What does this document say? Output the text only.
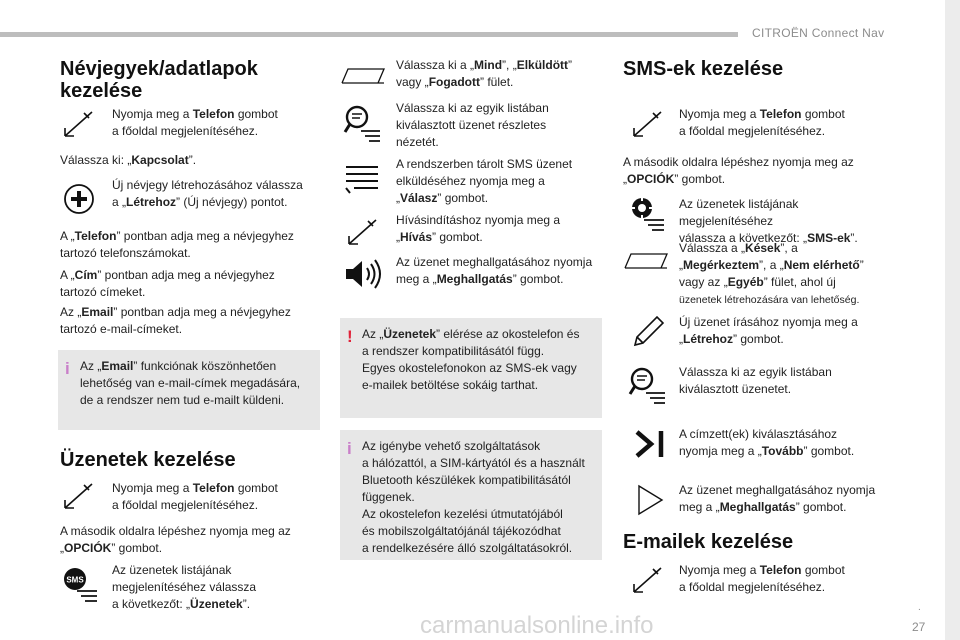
CITROËN Connect Nav
.
27
carmanualsonline.info
Névjegyek/adatlapok
kezelése
Nyomja meg a Telefon gombot
a főoldal megjelenítéséhez.
Válassza ki: „Kapcsolat”.
Új névjegy létrehozásához válassza
a „Létrehoz” (Új névjegy) pontot.
A „Telefon” pontban adja meg a névjegyhez
tartozó telefonszámokat.
A „Cím” pontban adja meg a névjegyhez
tartozó címeket.
Az „Email” pontban adja meg a névjegyhez
tartozó e-mail-címeket.
i Az „Email” funkciónak köszönhetően
lehetőség van e-mail-címek megadására,
de a rendszer nem tud e-mailt küldeni.
Üzenetek kezelése
Nyomja meg a Telefon gombot
a főoldal megjelenítéséhez.
A második oldalra lépéshez nyomja meg az
„OPCIÓK” gombot.
SMS
Az üzenetek listájának
megjelenítéséhez válassza
a következőt: „Üzenetek”.
Válassza ki a „Mind”, „Elküldött”
vagy „Fogadott” fület.
Válassza ki az egyik listában
kiválasztott üzenet részletes
nézetét.
A rendszerben tárolt SMS üzenet
elküldéséhez nyomja meg a
„Válasz” gombot.
Hívásindításhoz nyomja meg a
„Hívás” gombot.
Az üzenet meghallgatásához nyomja
meg a „Meghallgatás” gombot.
! Az „Üzenetek” elérése az okostelefon és
a rendszer kompatibilitásától függ.
Egyes okostelefonokon az SMS-ek vagy
e-mailek betöltése sokáig tarthat.
i Az igénybe vehető szolgáltatások
a hálózattól, a SIM-kártyától és a használt
Bluetooth készülékek kompatibilitásától
függenek.
Az okostelefon kezelési útmutatójából
és mobilszolgáltatójánál tájékozódhat
a rendelkezésére álló szolgáltatásokról.
SMS-ek kezelése
Nyomja meg a Telefon gombot
a főoldal megjelenítéséhez.
A második oldalra lépéshez nyomja meg az
„OPCIÓK” gombot.
Az üzenetek listájának megjelenítéséhez
válassza a következőt: „SMS-ek”.
Válassza a „Kések”, a
„Megérkeztem”, a „Nem elérhető”
vagy az „Egyéb” fület, ahol új
üzenetek létrehozására van lehetőség.
Új üzenet írásához nyomja meg a
„Létrehoz” gombot.
Válassza ki az egyik listában
kiválasztott üzenetet.
A címzett(ek) kiválasztásához
nyomja meg a „Tovább” gombot.
Az üzenet meghallgatásához nyomja
meg a „Meghallgatás” gombot.
E-mailek kezelése
Nyomja meg a Telefon gombot
a főoldal megjelenítéséhez.
